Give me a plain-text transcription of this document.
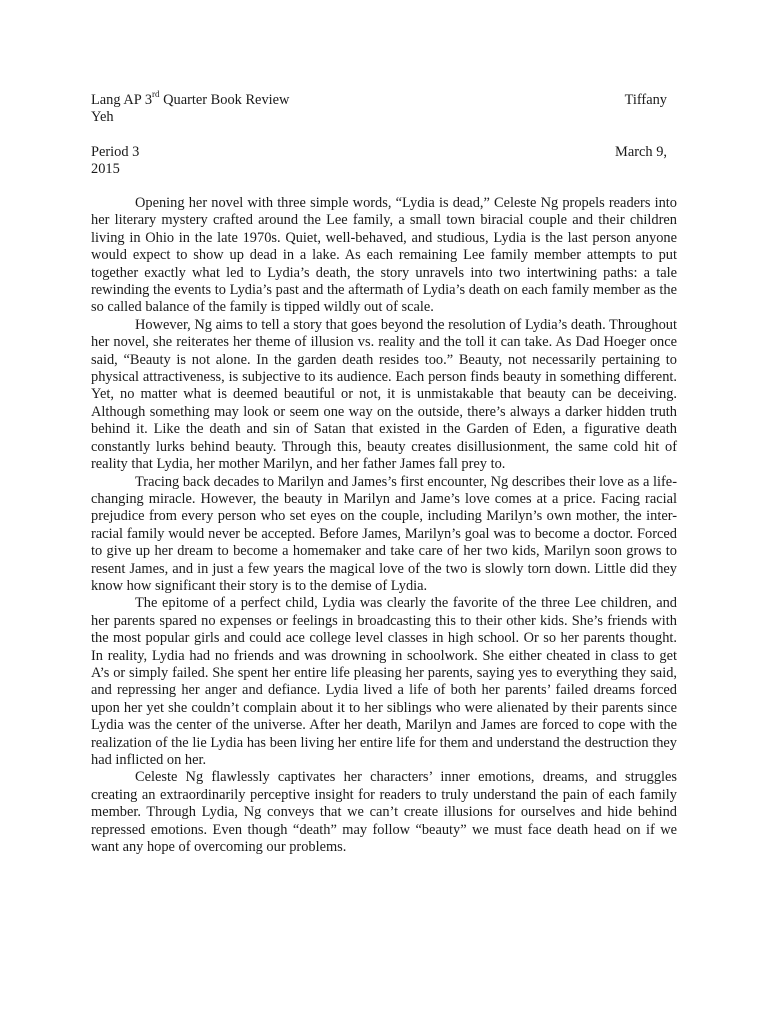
Lang AP 3rd Quarter Book Review	Tiffany
Yeh
Period 3	March 9,
2015

Opening her novel with three simple words, “Lydia is dead,” Celeste Ng propels readers into her literary mystery crafted around the Lee family, a small town biracial couple and their children living in Ohio in the late 1970s. Quiet, well-behaved, and studious, Lydia is the last person anyone would expect to show up dead in a lake. As each remaining Lee family member attempts to put together exactly what led to Lydia’s death, the story unravels into two intertwining paths: a tale rewinding the events to Lydia’s past and the aftermath of Lydia’s death on each family member as the so called balance of the family is tipped wildly out of scale.

However, Ng aims to tell a story that goes beyond the resolution of Lydia’s death. Throughout her novel, she reiterates her theme of illusion vs. reality and the toll it can take. As Dad Hoeger once said, “Beauty is not alone. In the garden death resides too.” Beauty, not necessarily pertaining to physical attractiveness, is subjective to its audience. Each person finds beauty in something different. Yet, no matter what is deemed beautiful or not, it is unmistakable that beauty can be deceiving. Although something may look or seem one way on the outside, there’s always a darker hidden truth behind it. Like the death and sin of Satan that existed in the Garden of Eden, a figurative death constantly lurks behind beauty. Through this, beauty creates disillusionment, the same cold hit of reality that Lydia, her mother Marilyn, and her father James fall prey to.

Tracing back decades to Marilyn and James’s first encounter, Ng describes their love as a life-changing miracle. However, the beauty in Marilyn and Jame’s love comes at a price. Facing racial prejudice from every person who set eyes on the couple, including Marilyn’s own mother, the inter-racial family would never be accepted. Before James, Marilyn’s goal was to become a doctor. Forced to give up her dream to become a homemaker and take care of her two kids, Marilyn soon grows to resent James, and in just a few years the magical love of the two is slowly torn down. Little did they know how significant their story is to the demise of Lydia.

The epitome of a perfect child, Lydia was clearly the favorite of the three Lee children, and her parents spared no expenses or feelings in broadcasting this to their other kids. She’s friends with the most popular girls and could ace college level classes in high school. Or so her parents thought. In reality, Lydia had no friends and was drowning in schoolwork. She either cheated in class to get A’s or simply failed. She spent her entire life pleasing her parents, saying yes to everything they said, and repressing her anger and defiance. Lydia lived a life of both her parents’ failed dreams forced upon her yet she couldn’t complain about it to her siblings who were alienated by their parents since Lydia was the center of the universe. After her death, Marilyn and James are forced to cope with the realization of the lie Lydia has been living her entire life for them and understand the destruction they had inflicted on her.

Celeste Ng flawlessly captivates her characters’ inner emotions, dreams, and struggles creating an extraordinarily perceptive insight for readers to truly understand the pain of each family member. Through Lydia, Ng conveys that we can’t create illusions for ourselves and hide behind repressed emotions. Even though “death” may follow “beauty” we must face death head on if we want any hope of overcoming our problems.
